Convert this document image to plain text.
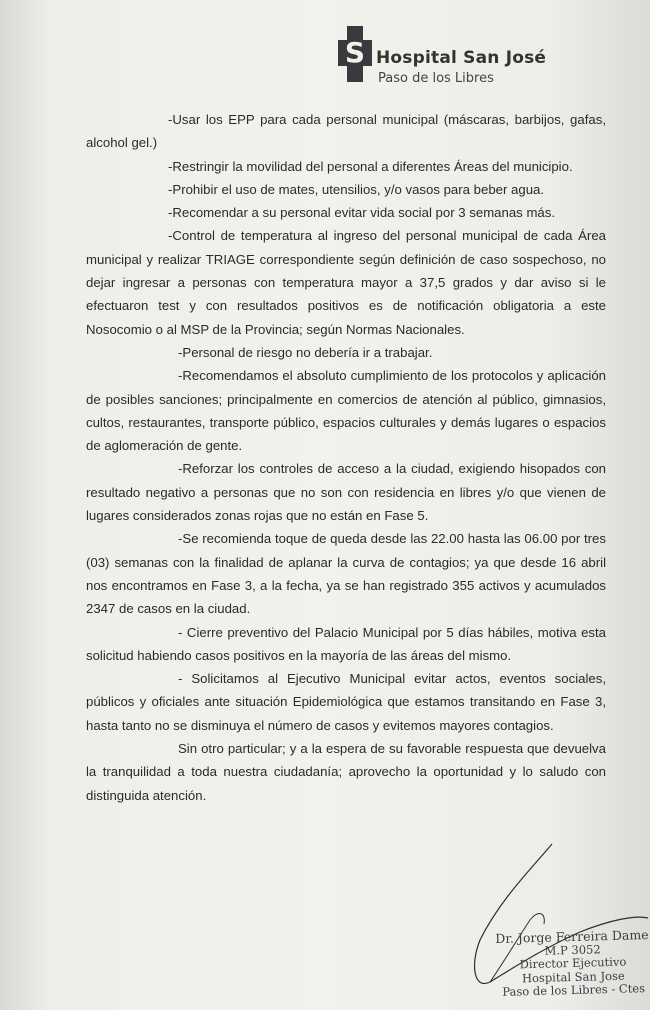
S Hospital San José
Paso de los Libres

-Usar los EPP para cada personal municipal (máscaras, barbijos, gafas, alcohol gel.)

-Restringir la movilidad del personal a diferentes Áreas del municipio.

-Prohibir el uso de mates, utensilios, y/o vasos para beber agua.

-Recomendar a su personal evitar vida social por 3 semanas más.

-Control de temperatura al ingreso del personal municipal de cada Área municipal y realizar TRIAGE correspondiente según definición de caso sospechoso, no dejar ingresar a personas con temperatura mayor a 37,5 grados y dar aviso si le efectuaron test y con resultados positivos es de notificación obligatoria a este Nosocomio o al MSP de la Provincia; según Normas Nacionales.

-Personal de riesgo no debería ir a trabajar.

-Recomendamos el absoluto cumplimiento de los protocolos y aplicación de posibles sanciones; principalmente en comercios de atención al público, gimnasios, cultos, restaurantes, transporte público, espacios culturales y demás lugares o espacios de aglomeración de gente.

-Reforzar los controles de acceso a la ciudad, exigiendo hisopados con resultado negativo a personas que no son con residencia en libres y/o que vienen de lugares considerados zonas rojas que no están en Fase 5.

-Se recomienda toque de queda desde las 22.00 hasta las 06.00 por tres (03) semanas con la finalidad de aplanar la curva de contagios; ya que desde 16 abril nos encontramos en Fase 3, a la fecha, ya se han registrado 355 activos y acumulados 2347 de casos en la ciudad.

- Cierre preventivo del Palacio Municipal por 5 días hábiles, motiva esta solicitud habiendo casos positivos en la mayoría de las áreas del mismo.

- Solicitamos al Ejecutivo Municipal evitar actos, eventos sociales, públicos y oficiales ante situación Epidemiológica que estamos transitando en Fase 3, hasta tanto no se disminuya el número de casos y evitemos mayores contagios.

Sin otro particular; y a la espera de su favorable respuesta que devuelva la tranquilidad a toda nuestra ciudadanía; aprovecho la oportunidad y lo saludo con distinguida atención.

Dr. Jorge Ferreira Dame
M.P 3052
Director Ejecutivo
Hospital San Jose
Paso de los Libres - Ctes
